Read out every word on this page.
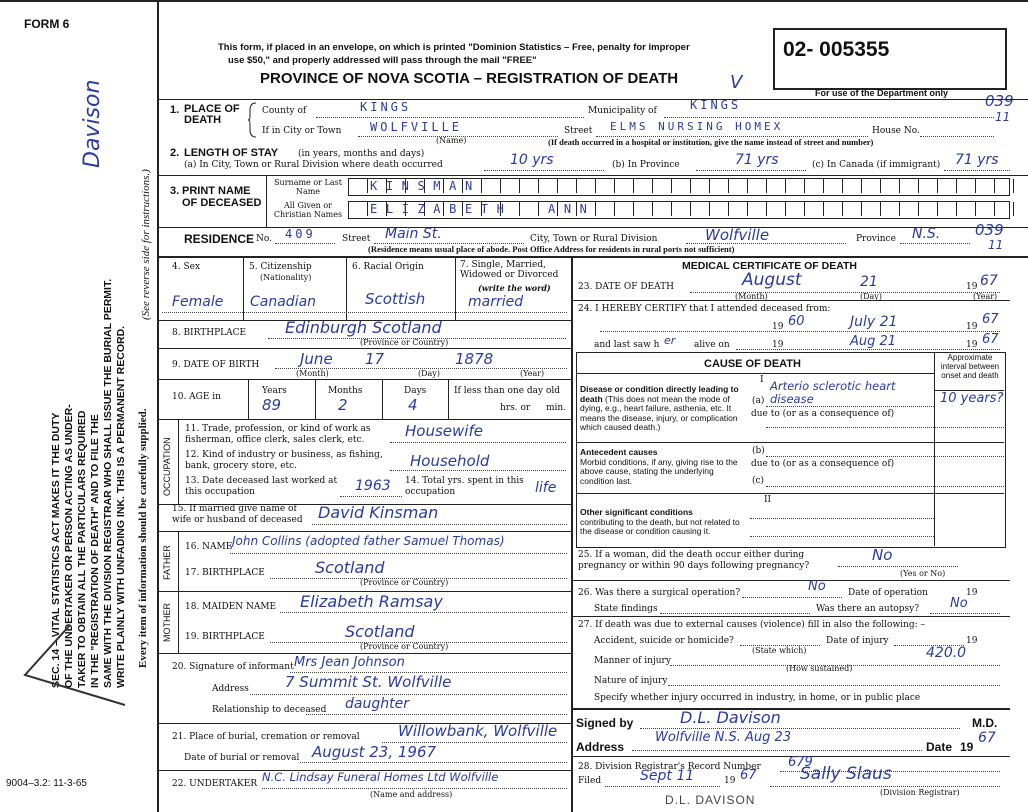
FORM 6
Davison
SEC. 14 – VITAL STATISTICS ACT MAKES IT THE DUTY OF THE UNDERTAKER OR PERSON ACTING AS UNDER- TAKER TO OBTAIN ALL THE PARTICULARS REQUIRED IN THE "REGISTRATION OF DEATH" AND TO FILE THE SAME WITH THE DIVISION REGISTRAR WHO SHALL ISSUE THE BURIAL PERMIT. WRITE PLAINLY WITH UNFADING INK. THIS IS A PERMANENT RECORD.
(See reverse side for instructions.)
Every item of information should be carefully supplied.
9004–3.2: 11-3-65
This form, if placed in an envelope, on which is printed "Dominion Statistics – Free, penalty for improper
use $50," and properly addressed will pass through the mail "FREE"
PROVINCE OF NOVA SCOTIA – REGISTRATION OF DEATH	V
02- 005355
For use of the Department only 039
11
1. PLACE OF DEATH
County of	KINGS	Municipality of	KINGS
If in City or Town WOLFVILLE
(Name)
Street ELMS NURSING HOMEX	House No.
(If death occurred in a hospital or institution, give the name instead of street and number)
2. LENGTH OF STAY (in years, months and days)
(a) In City, Town or Rural Division where death occurred	10 yrs	(b) In Province	71 yrs	(c) In Canada (if immigrant) 71 yrs
3. PRINT NAME OF DECEASED
Surname or Last Name
All Given or Christian Names
KINSMAN
ELIZABETH	ANN
RESIDENCE No. 409	Street Main St.	City, Town or Rural Division	Wolfville	Province N.S. 039
11
(Residence means usual place of abode. Post Office Address for residents in rural ports not sufficient)
4. Sex	5. Citizenship
(Nationality)
6. Racial Origin	7. Single, Married, Widowed or Divorced
(write the word)
Female Canadian	Scottish	married
8. BIRTHPLACE Edinburgh Scotland
(Province or Country)
9. DATE OF BIRTH	June 17	1878
(Month)	(Day)	(Year)
10. AGE in
Years	Months	Days
89	2	4
If less than one day old
hrs. or min.
OCCUPATION
11. Trade, profession, or kind of work as fisherman, office clerk, sales clerk, etc.	Housewife
12. Kind of industry or business, as fishing, bank, grocery store, etc.	Household
13. Date deceased last worked at this occupation	1963 14. Total yrs. spent in this occupation	life
15. If married give name of wife or husband of deceased David Kinsman
FATHER 16. NAME John Collins (adopted father Samuel Thomas)
17. BIRTHPLACE	Scotland
(Province or Country)
MOTHER 18. MAIDEN NAME Elizabeth Ramsay
19. BIRTHPLACE	Scotland
(Province or Country)
20. Signature of informant Mrs Jean Johnson
Address 7 Summit St. Wolfville
Relationship to deceased daughter
21. Place of burial, cremation or removal	Willowbank, Wolfville
Date of burial or removal August 23, 1967
22. UNDERTAKER N.C. Lindsay Funeral Homes Ltd Wolfville
(Name and address)
MEDICAL CERTIFICATE OF DEATH
23. DATE OF DEATH	August	21	19 67
(Month)	(Day)	(Year)
24. I HEREBY CERTIFY that I attended deceased from:
19 60	July 21	19 67
and last saw h er alive on	19	Aug 21	19 67
CAUSE OF DEATH
Approximate interval between onset and death
I
Disease or condition directly leading to death (This does not mean the mode of dying, e.g., heart failure, asthenia, etc. It means the disease, injury, or complication which caused death.)
(a)
Arterio sclerotic heart disease	10 years?
due to (or as a consequence of)
Antecedent causes
Morbid conditions, if any, giving rise to the above cause, stating the underlying condition last.
(b)
due to (or as a consequence of)
(c)
II
Other significant conditions
contributing to the death, but not related to the disease or condition causing it.
25. If a woman, did the death occur either during pregnancy or within 90 days following pregnancy?
No
(Yes or No)
26. Was there a surgical operation?	No Date of operation	19
State findings	Was there an autopsy? No
27. If death was due to external causes (violence) fill in also the following: –
Accident, suicide or homicide?	Date of injury	19
(State which)
Manner of injury	420.0
(How sustained)
Nature of injury
Specify whether injury occurred in industry, in home, or in public place
Signed by	D.L. Davison	M.D.
Address
Wolfville N.S. Aug 23
Date 19
67
28. Division Registrar's Record Number 679
Filed	Sept 11	19 67	Sally Slaus
(Division Registrar)
D.L. DAVISON
